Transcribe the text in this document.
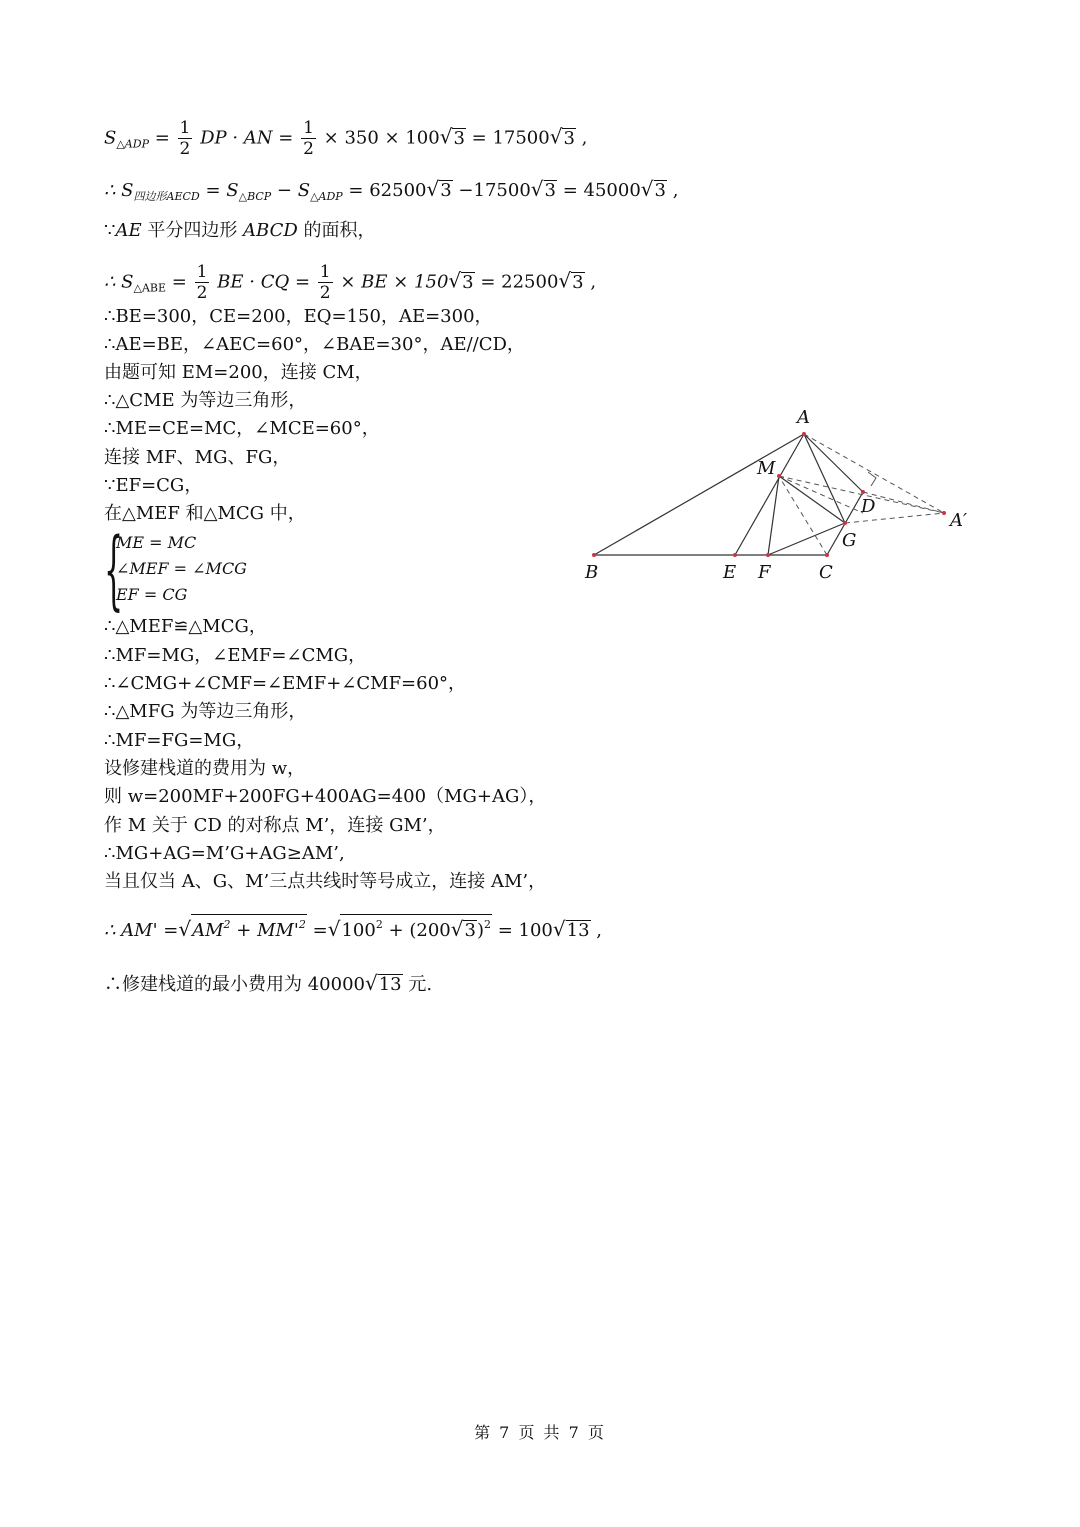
$S_{\triangle ADP} = \frac{1}{2}$ DP · AN = $\frac{1}{2} \times 350 \times 100√3 = 17500√3$ ,
∴ $S_{四边形AECD} = S_{\triangle BCP} - S_{\triangle ADP} = 62500√3 -17500√3 = 45000√3$ ,
∵AE 平分四边形 ABCD 的面积，
∴ $S_{\triangle ABE} = \frac{1}{2}$ BE · CQ = $\frac{1}{2}$ × BE × 150√3 = 22500√3 ,
∴BE=300，CE=200，EQ=150，AE=300，
∴AE=BE，∠AEC=60°，∠BAE=30°，AE//CD，
由题可知 EM=200，连接 CM，
∴△CME 为等边三角形，
∴ME=CE=MC，∠MCE=60°，
连接 MF、MG、FG，
∵EF=CG，
在△MEF 和△MCG 中，
{
ME = MC
∠MEF = ∠MCG
EF = CG
∴△MEF≌△MCG，
∴MF=MG，∠EMF=∠CMG，
∴∠CMG+∠CMF=∠EMF+∠CMF=60°，
∴△MFG 为等边三角形，
∴MF=FG=MG，
设修建栈道的费用为 w，
则 w=200MF+200FG+400AG=400（MG+AG），
作 M 关于 CD 的对称点 M’，连接 GM’，
∴MG+AG=M’G+AG≥AM’,
当且仅当 A、G、M’三点共线时等号成立，连接 AM’，
∴ $AM' =√AM^2 + MM'^2 =√100^2 + (200√3)^2 = 100√13$ ,
∴修建栈道的最小费用为 40000√13 元.
A
M
D
A′
G
B	E F	C
第 7 页 共 7 页
